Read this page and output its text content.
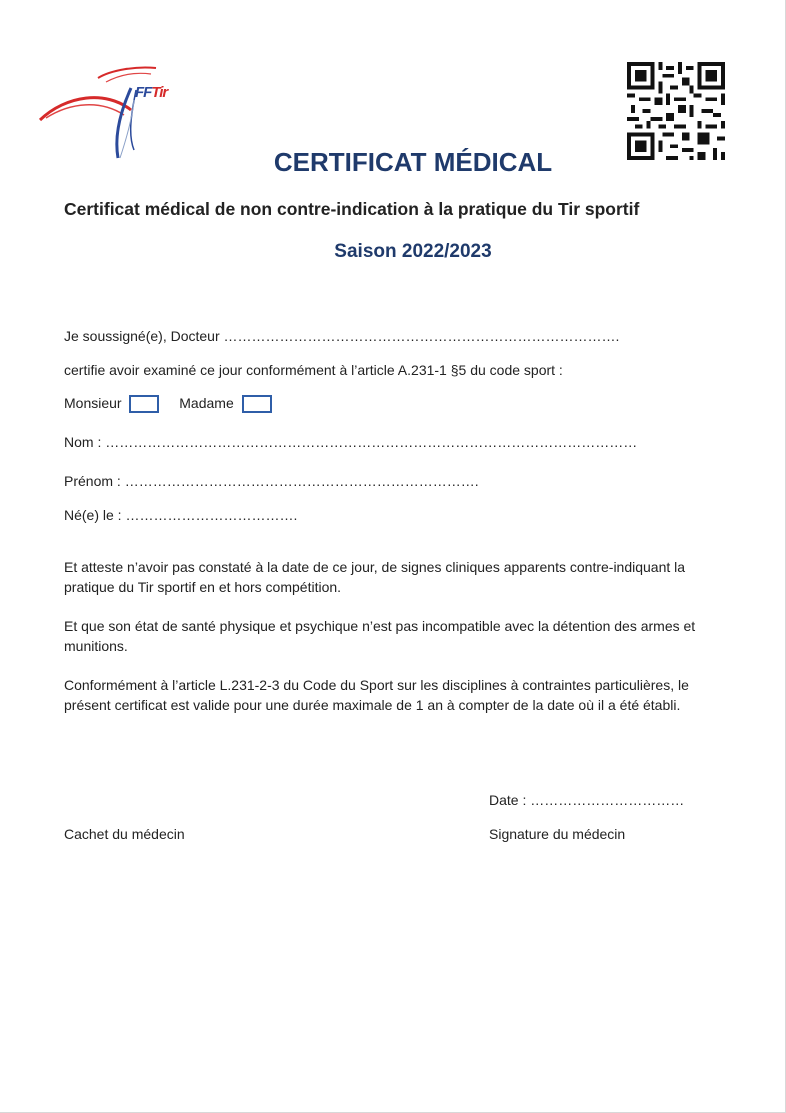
FFTir
CERTIFICAT MÉDICAL
Certificat médical de non contre-indication à la pratique du Tir sportif
Saison 2022/2023
Je soussigné(e), Docteur ………………………………………………………………………….
certifie avoir examiné ce jour conformément à l’article A.231-1 §5 du code sport :
Monsieur	Madame
Nom : ……………………………………………………………………………………………………
Prénom : ………………………………………………………………….
Né(e) le : ……………………………….
Et atteste n’avoir pas constaté à la date de ce jour, de signes cliniques apparents contre-indiquant la pratique du Tir sportif en et hors compétition.
Et que son état de santé physique et psychique n’est pas incompatible avec la détention des armes et munitions.
Conformément à l’article L.231-2-3 du Code du Sport sur les disciplines à contraintes particulières, le présent certificat est valide pour une durée maximale de 1 an à compter de la date où il a été établi.
Date : ……………………………
Cachet du médecin	Signature du médecin
